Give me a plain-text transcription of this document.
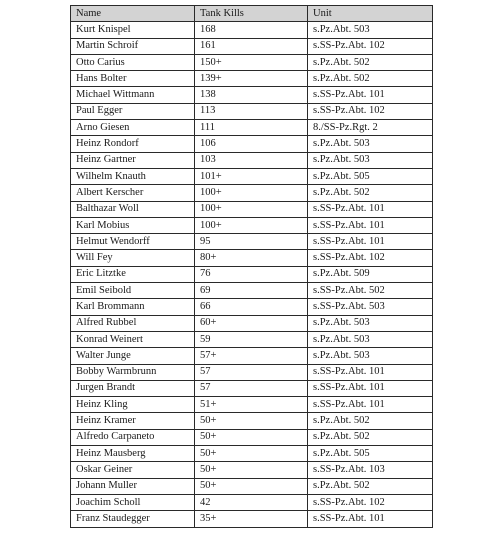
Name	Tank Kills	Unit
Kurt Knispel	168	s.Pz.Abt. 503
Martin Schroif	161	s.SS-Pz.Abt. 102
Otto Carius	150+	s.Pz.Abt. 502
Hans Bolter	139+	s.Pz.Abt. 502
Michael Wittmann	138	s.SS-Pz.Abt. 101
Paul Egger	113	s.SS-Pz.Abt. 102
Arno Giesen	111	8./SS-Pz.Rgt. 2
Heinz Rondorf	106	s.Pz.Abt. 503
Heinz Gartner	103	s.Pz.Abt. 503
Wilhelm Knauth	101+	s.Pz.Abt. 505
Albert Kerscher	100+	s.Pz.Abt. 502
Balthazar Woll	100+	s.SS-Pz.Abt. 101
Karl Mobius	100+	s.SS-Pz.Abt. 101
Helmut Wendorff	95	s.SS-Pz.Abt. 101
Will Fey	80+	s.SS-Pz.Abt. 102
Eric Litztke	76	s.Pz.Abt. 509
Emil Seibold	69	s.SS-Pz.Abt. 502
Karl Brommann	66	s.SS-Pz.Abt. 503
Alfred Rubbel	60+	s.Pz.Abt. 503
Konrad Weinert	59	s.Pz.Abt. 503
Walter Junge	57+	s.Pz.Abt. 503
Bobby Warmbrunn	57	s.SS-Pz.Abt. 101
Jurgen Brandt	57	s.SS-Pz.Abt. 101
Heinz Kling	51+	s.SS-Pz.Abt. 101
Heinz Kramer	50+	s.Pz.Abt. 502
Alfredo Carpaneto	50+	s.Pz.Abt. 502
Heinz Mausberg	50+	s.Pz.Abt. 505
Oskar Geiner	50+	s.SS-Pz.Abt. 103
Johann Muller	50+	s.Pz.Abt. 502
Joachim Scholl	42	s.SS-Pz.Abt. 102
Franz Staudegger	35+	s.SS-Pz.Abt. 101
